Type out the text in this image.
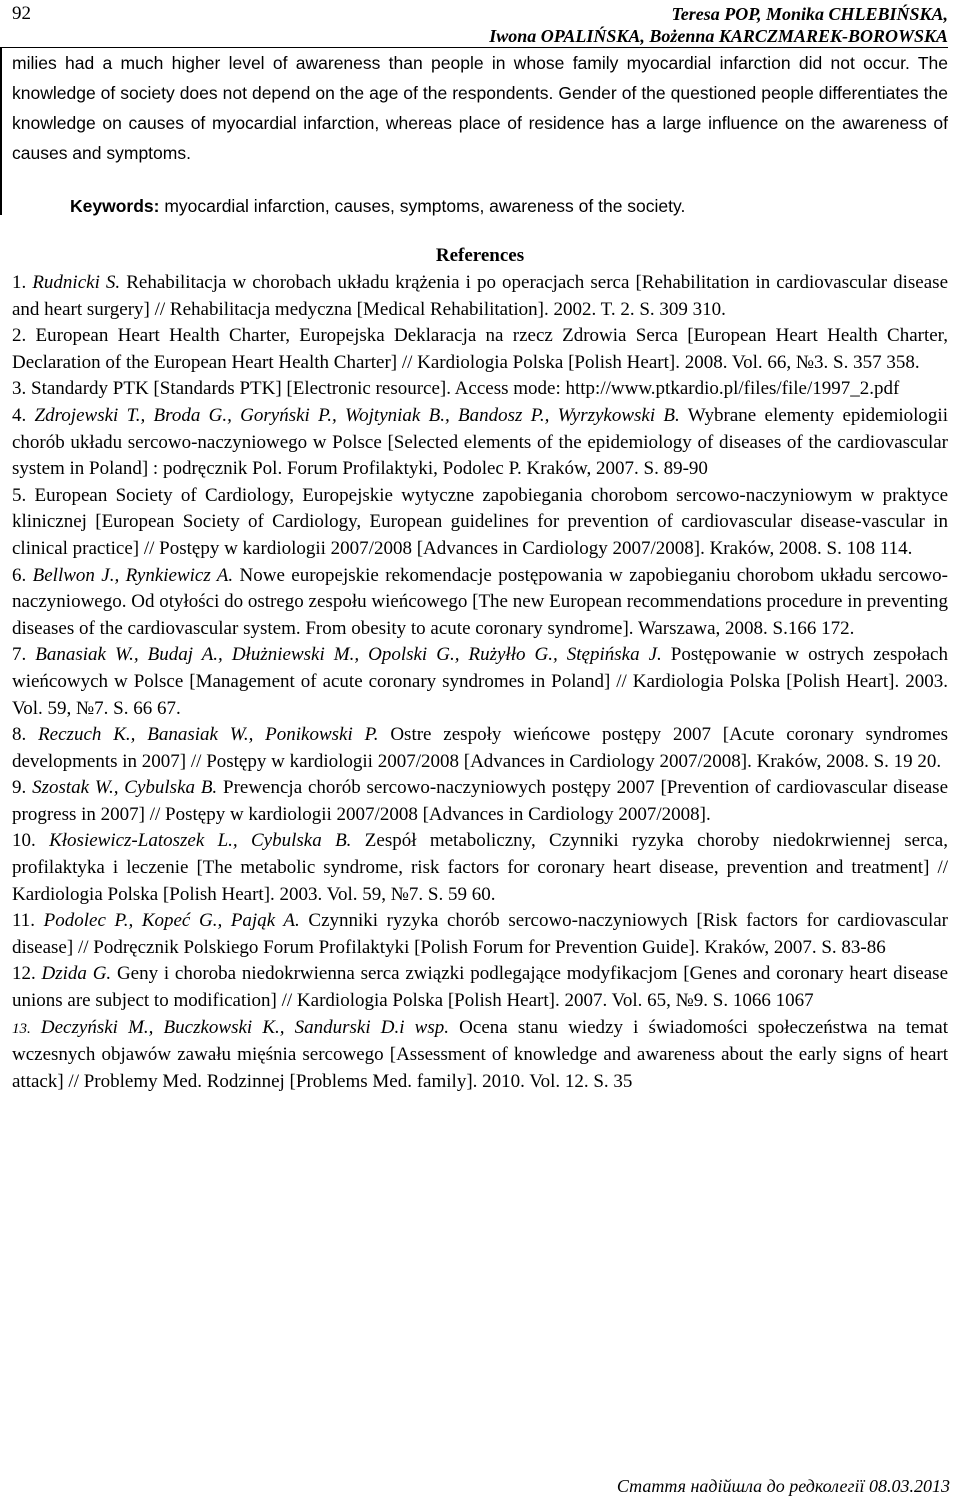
92	Teresa POP, Monika CHLEBIŃSKA,
Iwona OPALIŃSKA, Bożenna KARCZMAREK-BOROWSKA

milies had a much higher level of awareness than people in whose family myocardial infarction did not occur. The knowledge of society does not depend on the age of the respondents. Gender of the questioned people differentiates the knowledge on causes of myocardial infarction, whereas place of residence has a large influence on the awareness of causes and symptoms.

Keywords: myocardial infarction, causes, symptoms, awareness of the society.
References

1. Rudnicki S. Rehabilitacja w chorobach układu krążenia i po operacjach serca [Rehabilitation in cardiovascular disease and heart surgery] // Rehabilitacja medyczna [Medical Rehabilitation]. 2002. T. 2. S. 309 310.

2. European Heart Health Charter, Europejska Deklaracja na rzecz Zdrowia Serca [European Heart Health Charter, Declaration of the European Heart Health Charter] // Kardiologia Polska [Polish Heart]. 2008. Vol. 66, №3. S. 357 358.

3. Standardy PTK [Standards PTK] [Electronic resource]. Access mode: http://www.ptkardio.pl/files/file/1997_2.pdf

4. Zdrojewski T., Broda G., Goryński P., Wojtyniak B., Bandosz P., Wyrzykowski B. Wybrane elementy epidemiologii chorób układu sercowo-naczyniowego w Polsce [Selected elements of the epidemiology of diseases of the cardiovascular system in Poland] : podręcznik Pol. Forum Profilaktyki, Podolec P. Kraków, 2007. S. 89-90

5. European Society of Cardiology, Europejskie wytyczne zapobiegania chorobom sercowo-naczyniowym w praktyce klinicznej [European Society of Cardiology, European guidelines for prevention of cardiovascular disease-vascular in clinical practice] // Postępy w kardiologii 2007/2008 [Advances in Cardiology 2007/2008]. Kraków, 2008. S. 108 114.

6. Bellwon J., Rynkiewicz A. Nowe europejskie rekomendacje postępowania w zapobieganiu chorobom układu sercowo-naczyniowego. Od otyłości do ostrego zespołu wieńcowego [The new European recommendations procedure in preventing diseases of the cardiovascular system. From obesity to acute coronary syndrome]. Warszawa, 2008. S.166 172.

7. Banasiak W., Budaj A., Dłużniewski M., Opolski G., Rużyłło G., Stępińska J. Postępowanie w ostrych zespołach wieńcowych w Polsce [Management of acute coronary syndromes in Poland] // Kardiologia Polska [Polish Heart]. 2003. Vol. 59, №7. S. 66 67.

8. Reczuch K., Banasiak W., Ponikowski P. Ostre zespoły wieńcowe postępy 2007 [Acute coronary syndromes developments in 2007] // Postępy w kardiologii 2007/2008 [Advances in Cardiology 2007/2008]. Kraków, 2008. S. 19 20.

9. Szostak W., Cybulska B. Prewencja chorób sercowo-naczyniowych postępy 2007 [Prevention of cardiovascular disease progress in 2007] // Postępy w kardiologii 2007/2008 [Advances in Cardiology 2007/2008].

10. Kłosiewicz-Latoszek L., Cybulska B. Zespół metaboliczny, Czynniki ryzyka choroby niedokrwiennej serca, profilaktyka i leczenie [The metabolic syndrome, risk factors for coronary heart disease, prevention and treatment] // Kardiologia Polska [Polish Heart]. 2003. Vol. 59, №7. S. 59 60.

11. Podolec P., Kopeć G., Pająk A. Czynniki ryzyka chorób sercowo-naczyniowych [Risk factors for cardiovascular disease] // Podręcznik Polskiego Forum Profilaktyki [Polish Forum for Prevention Guide]. Kraków, 2007. S. 83-86

12. Dzida G. Geny i choroba niedokrwienna serca związki podlegające modyfikacjom [Genes and coronary heart disease unions are subject to modification] // Kardiologia Polska [Polish Heart]. 2007. Vol. 65, №9. S. 1066 1067

13. Deczyński M., Buczkowski K., Sandurski D.i wsp. Ocena stanu wiedzy i świadomości społeczeństwa na temat wczesnych objawów zawału mięśnia sercowego [Assessment of knowledge and awareness about the early signs of heart attack] // Problemy Med. Rodzinnej [Problems Med. family]. 2010. Vol. 12. S. 35

Стаття надійшла до редколегії 08.03.2013
